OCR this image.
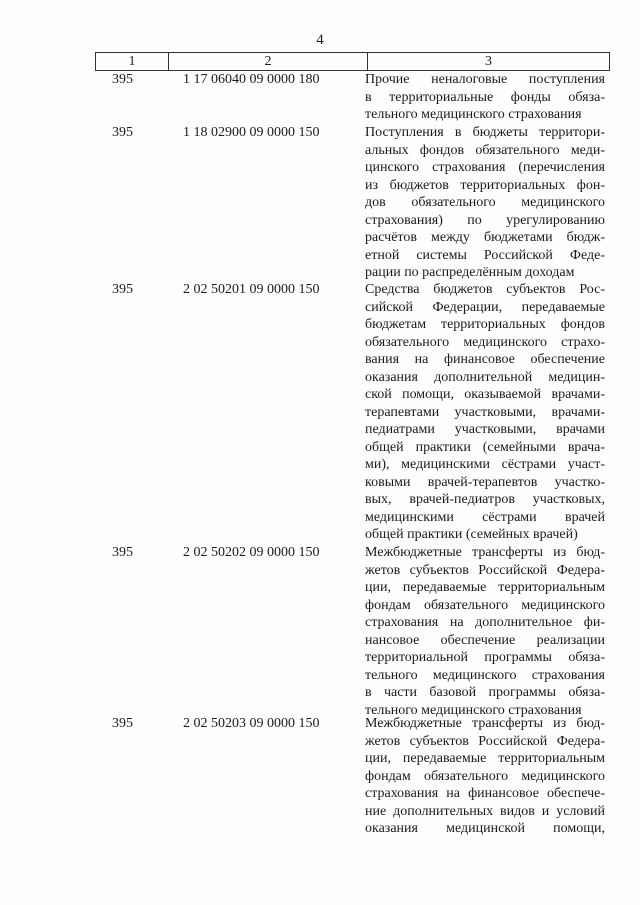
4
1	2	3
395	1 17 06040 09 0000 180	Прочие неналоговые поступления
в территориальные фонды обяза-
тельного медицинского страхования
395	1 18 02900 09 0000 150	Поступления в бюджеты территори-
альных фондов обязательного меди-
цинского страхования (перечисления
из бюджетов территориальных фон-
дов обязательного медицинского
страхования) по урегулированию
расчётов между бюджетами бюдж-
етной системы Российской Феде-
рации по распределённым доходам
395	2 02 50201 09 0000 150	Средства бюджетов субъектов Рос-
сийской Федерации, передаваемые
бюджетам территориальных фондов
обязательного медицинского страхо-
вания на финансовое обеспечение
оказания дополнительной медицин-
ской помощи, оказываемой врачами-
терапевтами участковыми, врачами-
педиатрами участковыми, врачами
общей практики (семейными врача-
ми), медицинскими сёстрами участ-
ковыми врачей-терапевтов участко-
вых, врачей-педиатров участковых,
медицинскими сёстрами врачей
общей практики (семейных врачей)
395	2 02 50202 09 0000 150	Межбюджетные трансферты из бюд-
жетов субъектов Российской Федера-
ции, передаваемые территориальным
фондам обязательного медицинского
страхования на дополнительное фи-
нансовое обеспечение реализации
территориальной программы обяза-
тельного медицинского страхования
в части базовой программы обяза-
тельного медицинского страхования
395	2 02 50203 09 0000 150	Межбюджетные трансферты из бюд-
жетов субъектов Российской Федера-
ции, передаваемые территориальным
фондам обязательного медицинского
страхования на финансовое обеспече-
ние дополнительных видов и условий
оказания медицинской помощи,
